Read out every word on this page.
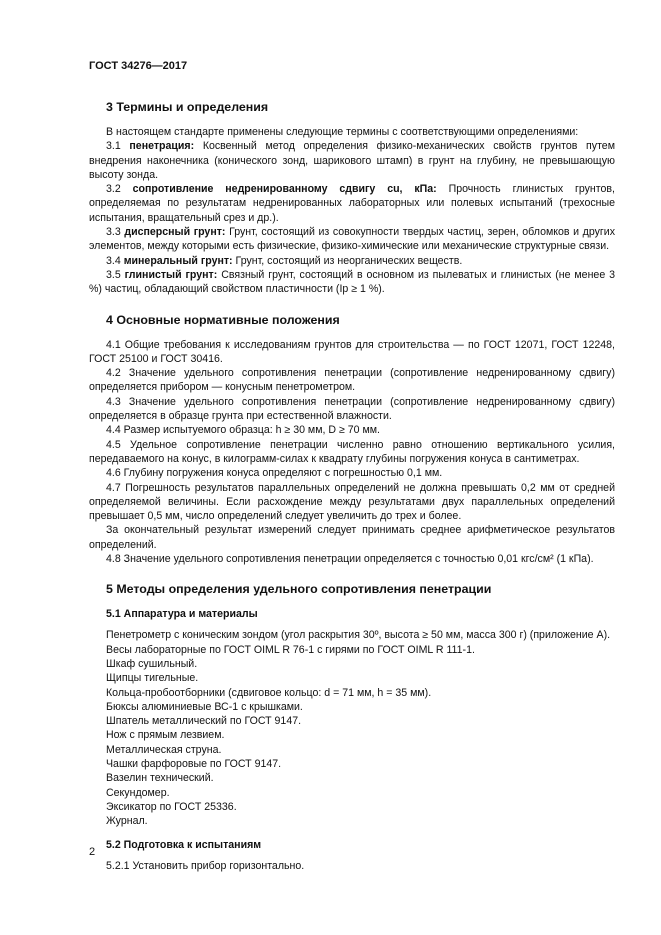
ГОСТ 34276—2017
3 Термины и определения

В настоящем стандарте применены следующие термины с соответствующими определениями:

3.1 пенетрация: Косвенный метод определения физико-механических свойств грунтов путем внедрения наконечника (конического зонд, шарикового штамп) в грунт на глубину, не превышающую высоту зонда.

3.2 сопротивление недренированному сдвигу cu, кПа: Прочность глинистых грунтов, определяемая по результатам недренированных лабораторных или полевых испытаний (трехосные испытания, вращательный срез и др.).

3.3 дисперсный грунт: Грунт, состоящий из совокупности твердых частиц, зерен, обломков и других элементов, между которыми есть физические, физико-химические или механические структурные связи.

3.4 минеральный грунт: Грунт, состоящий из неорганических веществ.

3.5 глинистый грунт: Связный грунт, состоящий в основном из пылеватых и глинистых (не менее 3 %) частиц, обладающий свойством пластичности (Ip ≥ 1 %).

4 Основные нормативные положения

4.1 Общие требования к исследованиям грунтов для строительства — по ГОСТ 12071, ГОСТ 12248, ГОСТ 25100 и ГОСТ 30416.

4.2 Значение удельного сопротивления пенетрации (сопротивление недренированному сдвигу) определяется прибором — конусным пенетрометром.

4.3 Значение удельного сопротивления пенетрации (сопротивление недренированному сдвигу) определяется в образце грунта при естественной влажности.

4.4 Размер испытуемого образца: h ≥ 30 мм, D ≥ 70 мм.

4.5 Удельное сопротивление пенетрации численно равно отношению вертикального усилия, передаваемого на конус, в килограмм-силах к квадрату глубины погружения конуса в сантиметрах.

4.6 Глубину погружения конуса определяют с погрешностью 0,1 мм.

4.7 Погрешность результатов параллельных определений не должна превышать 0,2 мм от средней определяемой величины. Если расхождение между результатами двух параллельных определений превышает 0,5 мм, число определений следует увеличить до трех и более.

За окончательный результат измерений следует принимать среднее арифметическое результатов определений.

4.8 Значение удельного сопротивления пенетрации определяется с точностью 0,01 кгс/см² (1 кПа).

5 Методы определения удельного сопротивления пенетрации
5.1 Аппаратура и материалы

Пенетрометр с коническим зондом (угол раскрытия 30º, высота ≥ 50 мм, масса 300 г) (приложение А).

Весы лабораторные по ГОСТ OIML R 76-1 с гирями по ГОСТ OIML R 111-1.

Шкаф сушильный.

Щипцы тигельные.

Кольца-пробоотборники (сдвиговое кольцо: d = 71 мм, h = 35 мм).

Бюксы алюминиевые ВС-1 с крышками.

Шпатель металлический по ГОСТ 9147.

Нож с прямым лезвием.

Металлическая струна.

Чашки фарфоровые по ГОСТ 9147.

Вазелин технический.

Секундомер.

Эксикатор по ГОСТ 25336.

Журнал.

5.2 Подготовка к испытаниям

5.2.1 Установить прибор горизонтально.

2
